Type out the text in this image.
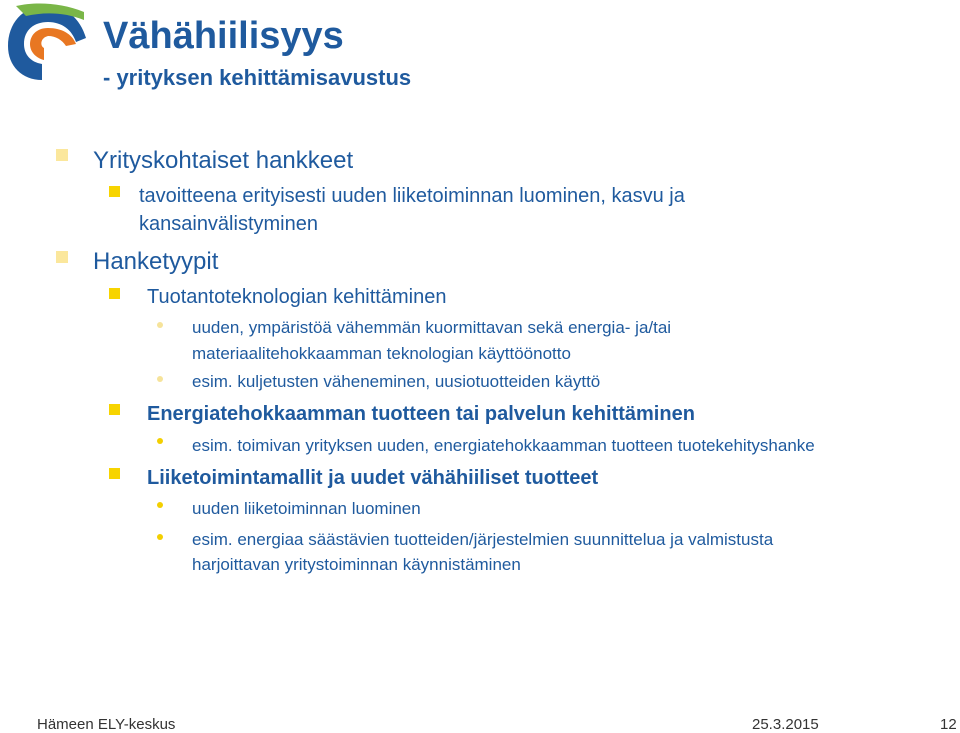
Vähähiilisyys
- yrityksen kehittämisavustus
Yrityskohtaiset hankkeet
tavoitteena erityisesti uuden liiketoiminnan luominen, kasvu ja
kansainvälistyminen
Hanketyypit
Tuotantoteknologian kehittäminen
uuden, ympäristöä vähemmän kuormittavan sekä energia- ja/tai
materiaalitehokkaamman teknologian käyttöönotto
esim. kuljetusten väheneminen, uusiotuotteiden käyttö
Energiatehokkaamman tuotteen tai palvelun kehittäminen
esim. toimivan yrityksen uuden, energiatehokkaamman tuotteen tuotekehityshanke
Liiketoimintamallit ja uudet vähähiiliset tuotteet
uuden liiketoiminnan luominen
esim. energiaa säästävien tuotteiden/järjestelmien suunnittelua ja valmistusta
harjoittavan yritystoiminnan käynnistäminen
Hämeen ELY-keskus	25.3.2015	12
